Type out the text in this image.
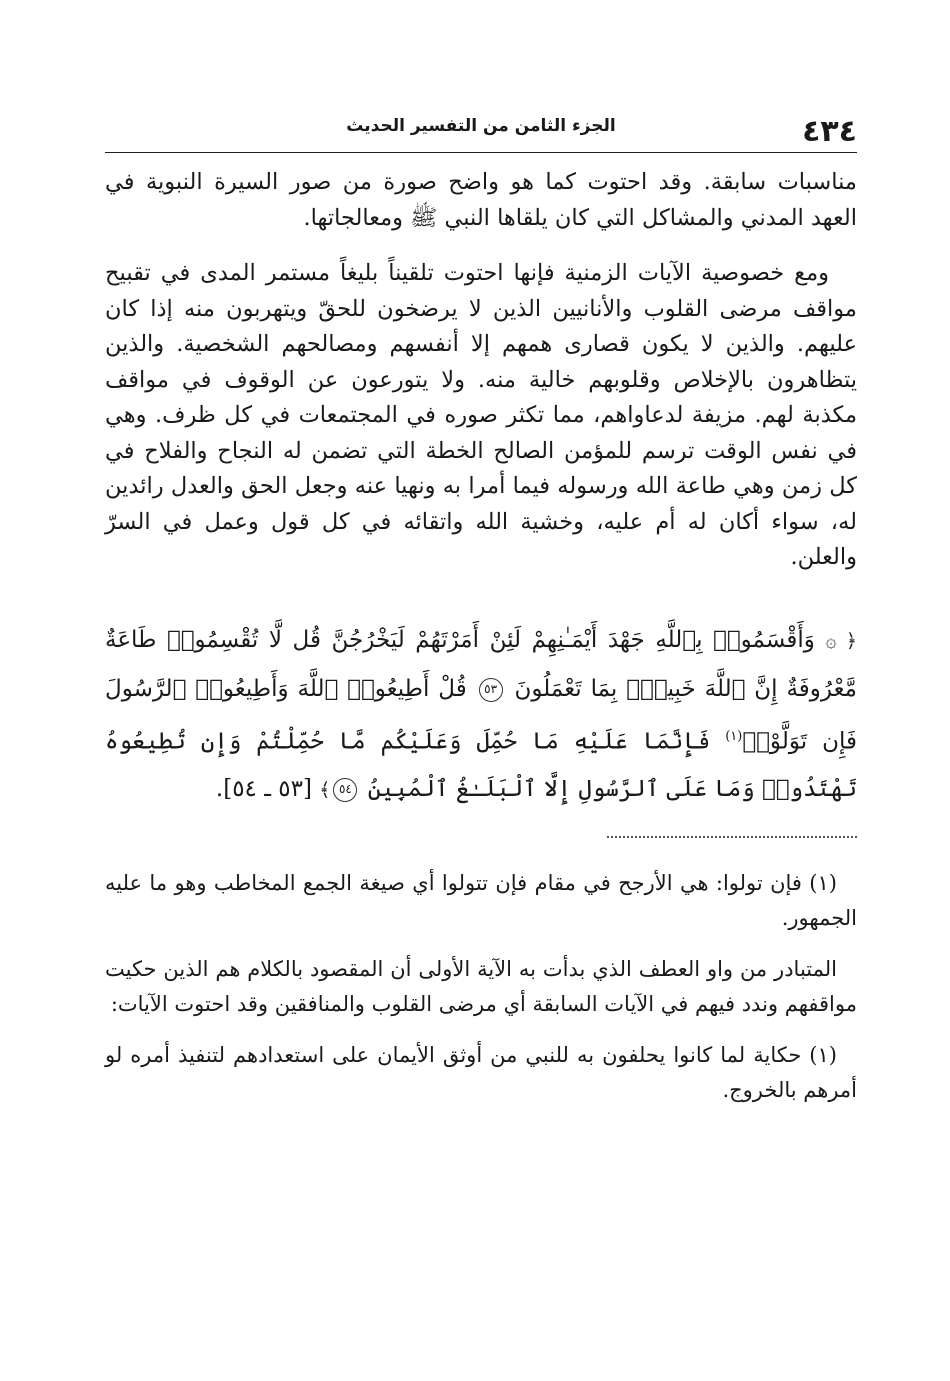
٤٣٤
الجزء الثامن من التفسير الحديث

مناسبات سابقة. وقد احتوت كما هو واضح صورة من صور السيرة النبوية في العهد المدني والمشاكل التي كان يلقاها النبي ﷺ ومعالجاتها.

ومع خصوصية الآيات الزمنية فإنها احتوت تلقيناً بليغاً مستمر المدى في تقبيح مواقف مرضى القلوب والأنانيين الذين لا يرضخون للحقّ ويتهربون منه إذا كان عليهم. والذين لا يكون قصارى همهم إلا أنفسهم ومصالحهم الشخصية. والذين يتظاهرون بالإخلاص وقلوبهم خالية منه. ولا يتورعون عن الوقوف في مواقف مكذبة لهم. مزيفة لدعاواهم، مما تكثر صوره في المجتمعات في كل ظرف. وهي في نفس الوقت ترسم للمؤمن الصالح الخطة التي تضمن له النجاح والفلاح في كل زمن وهي طاعة الله ورسوله فيما أمرا به ونهيا عنه وجعل الحق والعدل رائدين له، سواء أكان له أم عليه، وخشية الله واتقائه في كل قول وعمل في السرّ والعلن.

﴿ ۞ وَأَقْسَمُوا۟ بِٱللَّهِ جَهْدَ أَيْمَـٰنِهِمْ لَئِنْ أَمَرْتَهُمْ لَيَخْرُجُنَّ قُل لَّا تُقْسِمُوا۟ طَاعَةٌ مَّعْرُوفَةٌ إِنَّ ٱللَّهَ خَبِيرٌۢ بِمَا تَعْمَلُونَ ٥٣ قُلْ أَطِيعُوا۟ ٱللَّهَ وَأَطِيعُوا۟ ٱلرَّسُولَ فَإِن تَوَلَّوْا۟$^{(١)}$ فَإِنَّمَا عَلَيْهِ مَا حُمِّلَ وَعَلَيْكُم مَّا حُمِّلْتُمْ وَإِن تُطِيعُوهُ تَهْتَدُوا۟ وَمَا عَلَى ٱلرَّسُولِ إِلَّا ٱلْبَلَـٰغُ ٱلْمُبِينُ ٥٤﴾ [٥٣ ـ ٥٤].

(١) فإن تولوا: هي الأرجح في مقام فإن تتولوا أي صيغة الجمع المخاطب وهو ما عليه الجمهور.

المتبادر من واو العطف الذي بدأت به الآية الأولى أن المقصود بالكلام هم الذين حكيت مواقفهم وندد فيهم في الآيات السابقة أي مرضى القلوب والمنافقين وقد احتوت الآيات:

(١) حكاية لما كانوا يحلفون به للنبي من أوثق الأيمان على استعدادهم لتنفيذ أمره لو أمرهم بالخروج.
